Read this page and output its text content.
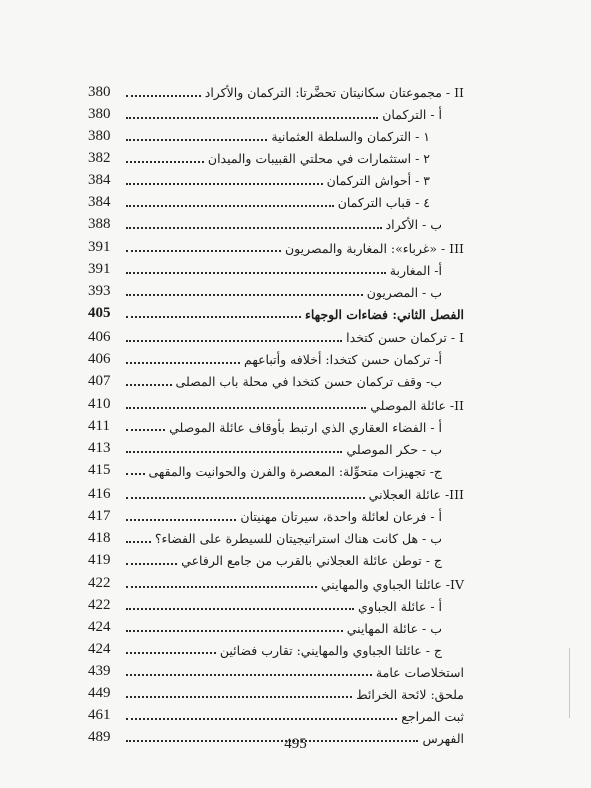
II - مجموعتان سكانيتان تحضَّرتا: التركمان والأكراد
380
أ - التركمان
380
١ - التركمان والسلطة العثمانية
380
٢ - استثمارات في محلتي القبيبات والميدان
382
٣ - أحواش التركمان
384
٤ - قباب التركمان
384
ب - الأكراد
388
III - «غرباء»: المغاربة والمصريون
391
أ- المغاربة
391
ب - المصريون
393
الفصل الثاني: فضاءات الوجهاء
405
I - تركمان حسن كتخدا
406
أ- تركمان حسن كتخدا: أخلافه وأتباعهم
406
ب- وقف تركمان حسن كتخدا في محلة باب المصلى
407
II- عائلة الموصلي
410
أ - الفضاء العقاري الذي ارتبط بأوقاف عائلة الموصلي
411
ب - حكر الموصلي
413
ج- تجهيزات متحوِّلة: المعصرة والفرن والحوانيت والمقهى
415
III- عائلة العجلاني
416
أ - فرعان لعائلة واحدة، سيرتان مهنيتان
417
ب - هل كانت هناك استراتيجيتان للسيطرة على الفضاء؟
418
ج - توطن عائلة العجلاني بالقرب من جامع الرفاعي
419
IV- عائلتا الجباوي والمهايني
422
أ - عائلة الجباوي
422
ب - عائلة المهايني
424
ج - عائلتا الجباوي والمهايني: تقارب فضائين
424
استخلاصات عامة
439
ملحق: لائحة الخرائط
449
ثبت المراجع
461
الفهرس
489	495
